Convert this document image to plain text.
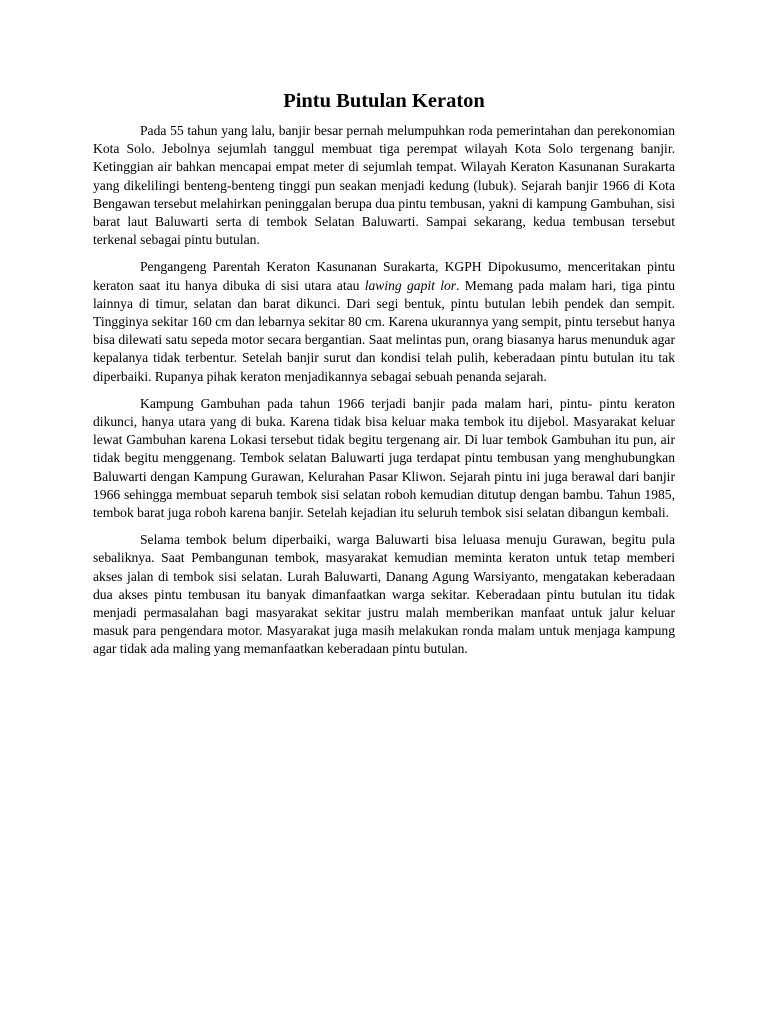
Pintu Butulan Keraton

Pada 55 tahun yang lalu, banjir besar pernah melumpuhkan roda pemerintahan dan perekonomian Kota Solo. Jebolnya sejumlah tanggul membuat tiga perempat wilayah Kota Solo tergenang banjir. Ketinggian air bahkan mencapai empat meter di sejumlah tempat. Wilayah Keraton Kasunanan Surakarta yang dikelilingi benteng-benteng tinggi pun seakan menjadi kedung (lubuk). Sejarah banjir 1966 di Kota Bengawan tersebut melahirkan peninggalan berupa dua pintu tembusan, yakni di kampung Gambuhan, sisi barat laut Baluwarti serta di tembok Selatan Baluwarti. Sampai sekarang, kedua tembusan tersebut terkenal sebagai pintu butulan.

Pengangeng Parentah Keraton Kasunanan Surakarta, KGPH Dipokusumo, menceritakan pintu keraton saat itu hanya dibuka di sisi utara atau lawing gapit lor. Memang pada malam hari, tiga pintu lainnya di timur, selatan dan barat dikunci. Dari segi bentuk, pintu butulan lebih pendek dan sempit. Tingginya sekitar 160 cm dan lebarnya sekitar 80 cm. Karena ukurannya yang sempit, pintu tersebut hanya bisa dilewati satu sepeda motor secara bergantian. Saat melintas pun, orang biasanya harus menunduk agar kepalanya tidak terbentur. Setelah banjir surut dan kondisi telah pulih, keberadaan pintu butulan itu tak diperbaiki. Rupanya pihak keraton menjadikannya sebagai sebuah penanda sejarah.

Kampung Gambuhan pada tahun 1966 terjadi banjir pada malam hari, pintu- pintu keraton dikunci, hanya utara yang di buka. Karena tidak bisa keluar maka tembok itu dijebol. Masyarakat keluar lewat Gambuhan karena Lokasi tersebut tidak begitu tergenang air. Di luar tembok Gambuhan itu pun, air tidak begitu menggenang. Tembok selatan Baluwarti juga terdapat pintu tembusan yang menghubungkan Baluwarti dengan Kampung Gurawan, Kelurahan Pasar Kliwon. Sejarah pintu ini juga berawal dari banjir 1966 sehingga membuat separuh tembok sisi selatan roboh kemudian ditutup dengan bambu. Tahun 1985, tembok barat juga roboh karena banjir. Setelah kejadian itu seluruh tembok sisi selatan dibangun kembali.

Selama tembok belum diperbaiki, warga Baluwarti bisa leluasa menuju Gurawan, begitu pula sebaliknya. Saat Pembangunan tembok, masyarakat kemudian meminta keraton untuk tetap memberi akses jalan di tembok sisi selatan. Lurah Baluwarti, Danang Agung Warsiyanto, mengatakan keberadaan dua akses pintu tembusan itu banyak dimanfaatkan warga sekitar. Keberadaan pintu butulan itu tidak menjadi permasalahan bagi masyarakat sekitar justru malah memberikan manfaat untuk jalur keluar masuk para pengendara motor. Masyarakat juga masih melakukan ronda malam untuk menjaga kampung agar tidak ada maling yang memanfaatkan keberadaan pintu butulan.
